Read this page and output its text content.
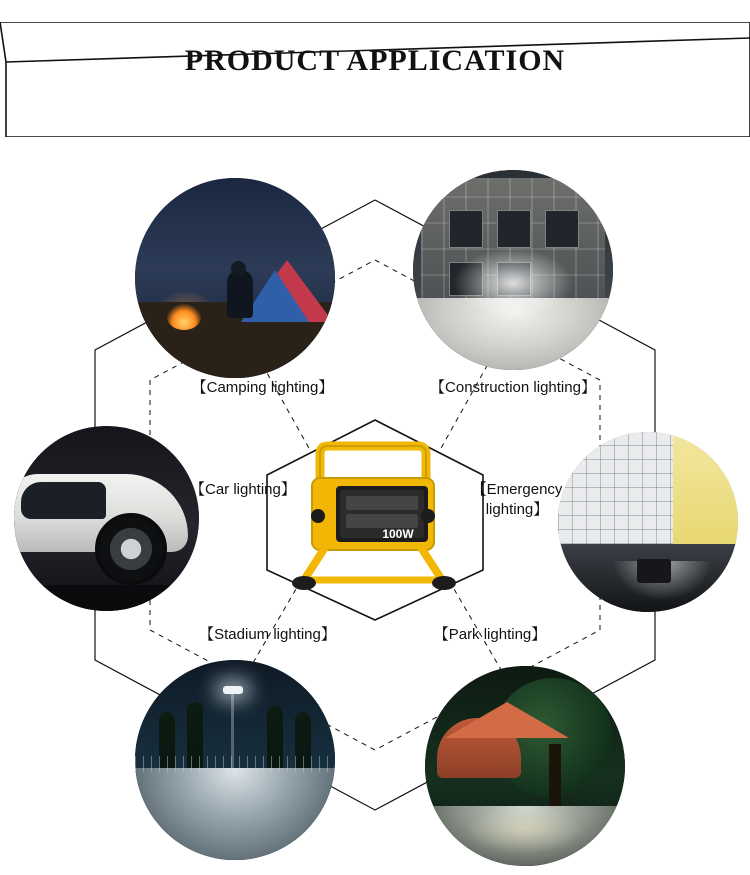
PRODUCT APPLICATION
【Camping lighting】	【Construction lighting】
【Car lighting】	【Emergency lighting】
【Stadium lighting】	【Park lighting】
100W
